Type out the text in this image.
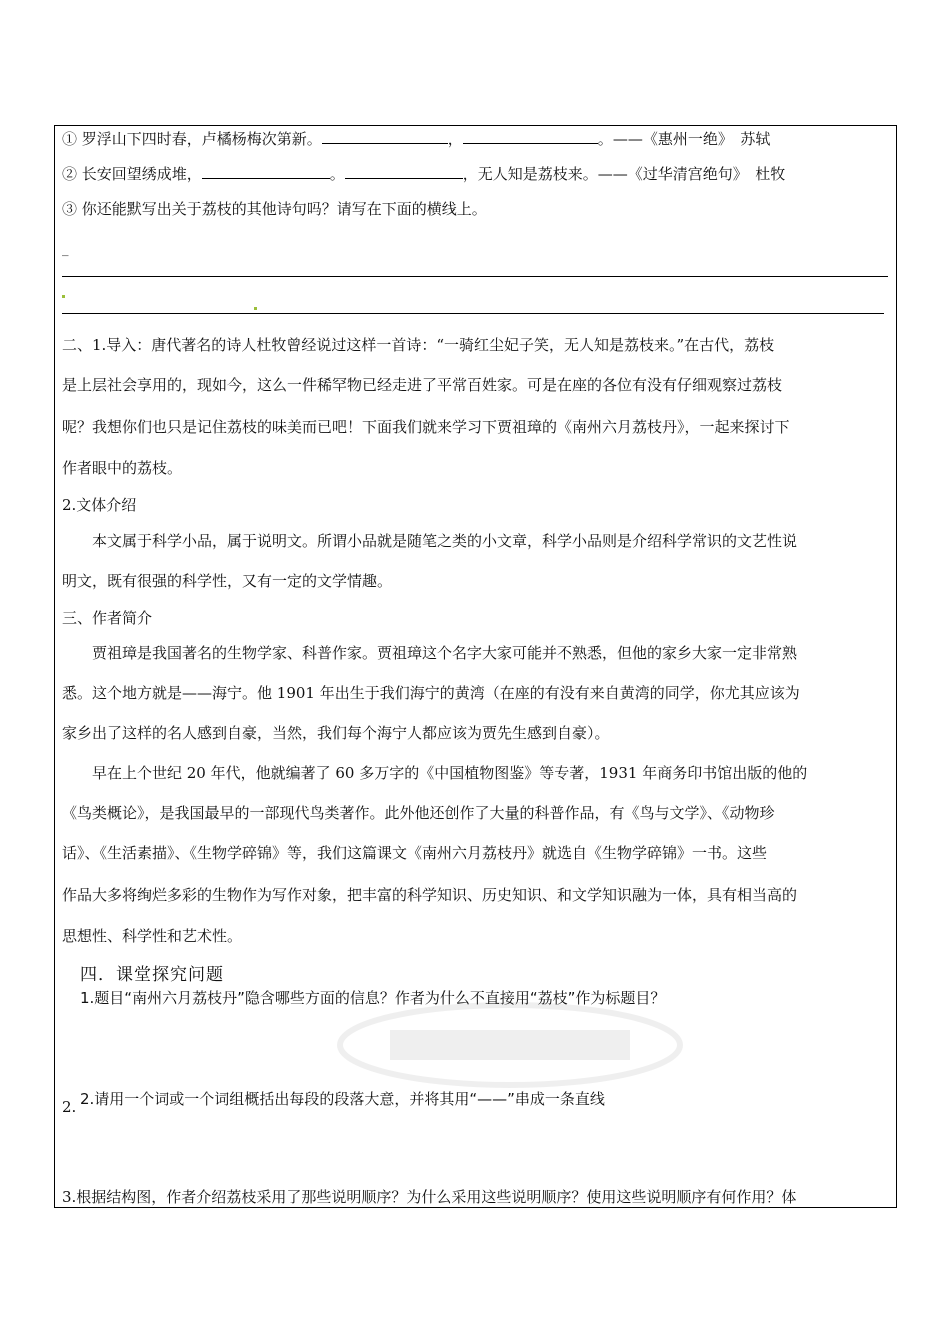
① 罗浮山下四时春，卢橘杨梅次第新。	，	。——《惠州一绝》　苏轼
② 长安回望绣成堆，	。	，无人知是荔枝来。——《过华清宫绝句》　杜牧
③ 你还能默写出关于荔枝的其他诗句吗？请写在下面的横线上。
_
二、1.导入：唐代著名的诗人杜牧曾经说过这样一首诗：“一骑红尘妃子笑，无人知是荔枝来。”在古代，荔枝
是上层社会享用的，现如今，这么一件稀罕物已经走进了平常百姓家。可是在座的各位有没有仔细观察过荔枝
呢？我想你们也只是记住荔枝的味美而已吧！下面我们就来学习下贾祖璋的《南州六月荔枝丹》，一起来探讨下
作者眼中的荔枝。
2.文体介绍
　　本文属于科学小品，属于说明文。所谓小品就是随笔之类的小文章，科学小品则是介绍科学常识的文艺性说
明文，既有很强的科学性，又有一定的文学情趣。
三、作者简介
　　贾祖璋是我国著名的生物学家、科普作家。贾祖璋这个名字大家可能并不熟悉，但他的家乡大家一定非常熟
悉。这个地方就是——海宁。他 1901 年出生于我们海宁的黄湾（在座的有没有来自黄湾的同学，你尤其应该为
家乡出了这样的名人感到自豪，当然，我们每个海宁人都应该为贾先生感到自豪）。
　　早在上个世纪 20 年代，他就编著了 60 多万字的《中国植物图鉴》等专著，1931 年商务印书馆出版的他的
《鸟类概论》，是我国最早的一部现代鸟类著作。此外他还创作了大量的科普作品，有《鸟与文学》、《动物珍
话》、《生活素描》、《生物学碎锦》等，我们这篇课文《南州六月荔枝丹》就选自《生物学碎锦》一书。这些
作品大多将绚烂多彩的生物作为写作对象，把丰富的科学知识、历史知识、和文学知识融为一体，具有相当高的
思想性、科学性和艺术性。
四．课堂探究问题
1.题目“南州六月荔枝丹”隐含哪些方面的信息？作者为什么不直接用“荔枝”作为标题目？
2. 2.请用一个词或一个词组概括出每段的段落大意，并将其用“——”串成一条直线
3.根据结构图，作者介绍荔枝采用了那些说明顺序？为什么采用这些说明顺序？使用这些说明顺序有何作用？体
